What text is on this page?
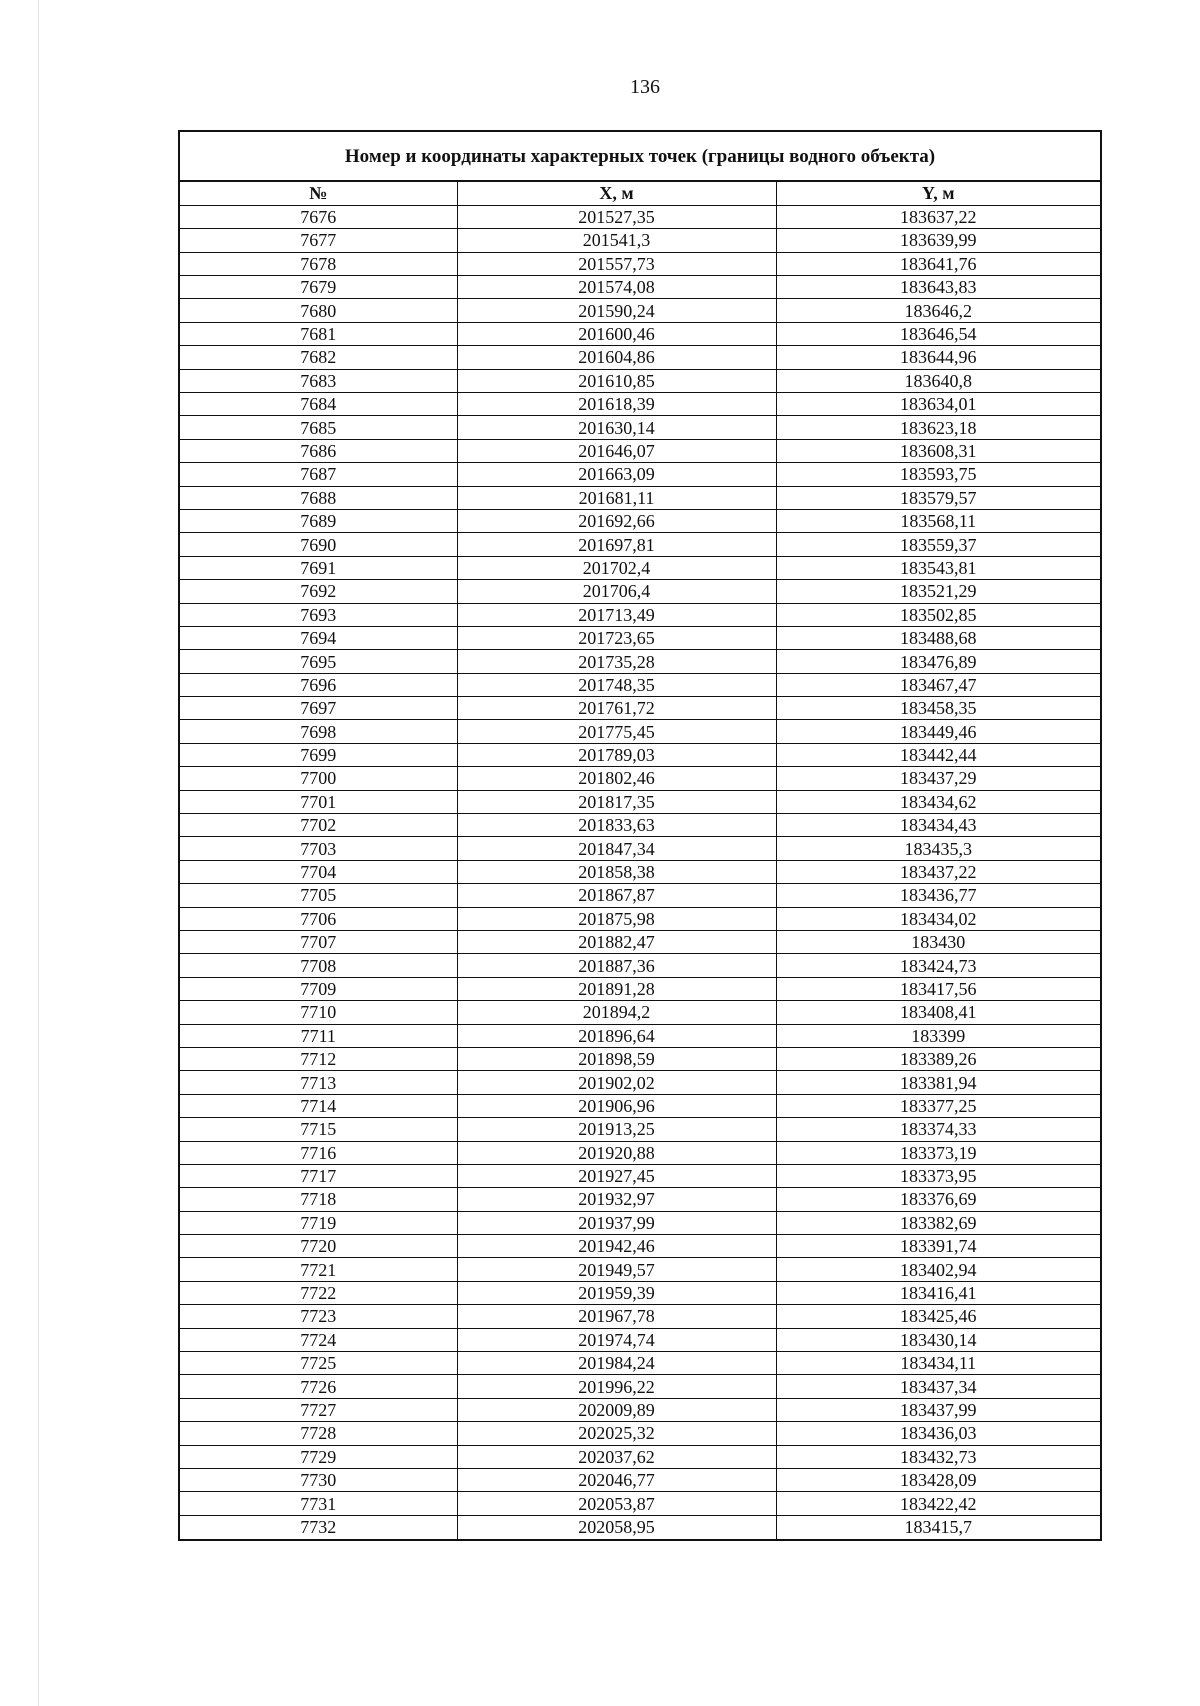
136
Номер и координаты характерных точек (границы водного объекта)
№	X, м	Y, м
7676	201527,35	183637,22
7677	201541,3	183639,99
7678	201557,73	183641,76
7679	201574,08	183643,83
7680	201590,24	183646,2
7681	201600,46	183646,54
7682	201604,86	183644,96
7683	201610,85	183640,8
7684	201618,39	183634,01
7685	201630,14	183623,18
7686	201646,07	183608,31
7687	201663,09	183593,75
7688	201681,11	183579,57
7689	201692,66	183568,11
7690	201697,81	183559,37
7691	201702,4	183543,81
7692	201706,4	183521,29
7693	201713,49	183502,85
7694	201723,65	183488,68
7695	201735,28	183476,89
7696	201748,35	183467,47
7697	201761,72	183458,35
7698	201775,45	183449,46
7699	201789,03	183442,44
7700	201802,46	183437,29
7701	201817,35	183434,62
7702	201833,63	183434,43
7703	201847,34	183435,3
7704	201858,38	183437,22
7705	201867,87	183436,77
7706	201875,98	183434,02
7707	201882,47	183430
7708	201887,36	183424,73
7709	201891,28	183417,56
7710	201894,2	183408,41
7711	201896,64	183399
7712	201898,59	183389,26
7713	201902,02	183381,94
7714	201906,96	183377,25
7715	201913,25	183374,33
7716	201920,88	183373,19
7717	201927,45	183373,95
7718	201932,97	183376,69
7719	201937,99	183382,69
7720	201942,46	183391,74
7721	201949,57	183402,94
7722	201959,39	183416,41
7723	201967,78	183425,46
7724	201974,74	183430,14
7725	201984,24	183434,11
7726	201996,22	183437,34
7727	202009,89	183437,99
7728	202025,32	183436,03
7729	202037,62	183432,73
7730	202046,77	183428,09
7731	202053,87	183422,42
7732	202058,95	183415,7
